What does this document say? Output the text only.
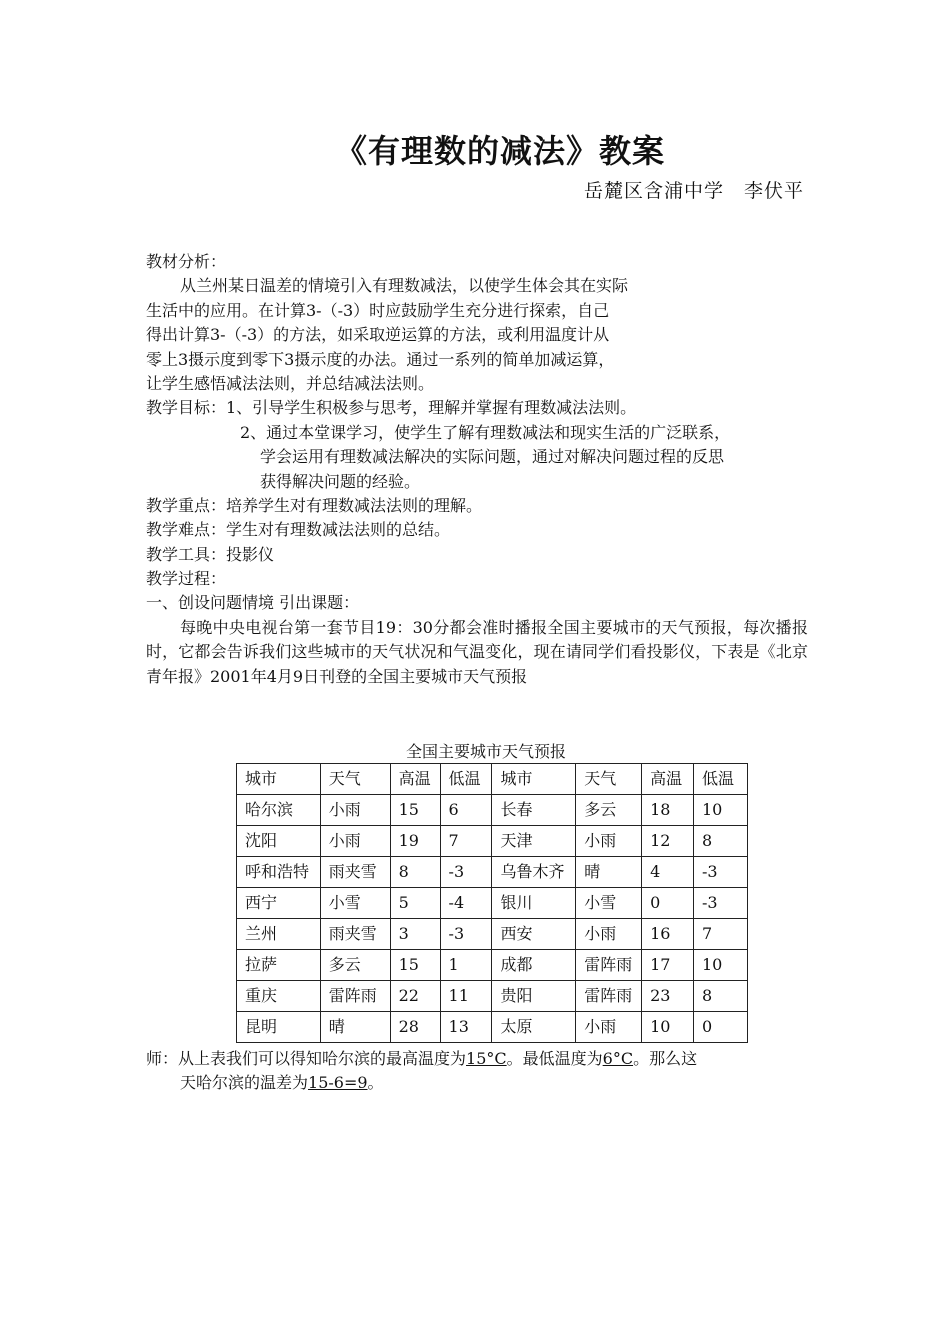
《有理数的减法》教案
岳麓区含浦中学　李伏平
教材分析：
从兰州某日温差的情境引入有理数减法，以使学生体会其在实际
生活中的应用。在计算3-（-3）时应鼓励学生充分进行探索，自己
得出计算3-（-3）的方法，如采取逆运算的方法，或利用温度计从
零上3摄示度到零下3摄示度的办法。通过一系列的简单加减运算，
让学生感悟减法法则，并总结减法法则。
教学目标：1、引导学生积极参与思考，理解并掌握有理数减法法则。
2、通过本堂课学习，使学生了解有理数减法和现实生活的广泛联系，
学会运用有理数减法解决的实际问题，通过对解决问题过程的反思
获得解决问题的经验。
教学重点：培养学生对有理数减法法则的理解。
教学难点：学生对有理数减法法则的总结。
教学工具：投影仪
教学过程：
一、创设问题情境 引出课题：
每晚中央电视台第一套节目19：30分都会准时播报全国主要城市的天气预报，每次播报时，它都会告诉我们这些城市的天气状况和气温变化，现在请同学们看投影仪，下表是《北京青年报》2001年4月9日刊登的全国主要城市天气预报
全国主要城市天气预报
城市	天气	高温	低温	城市	天气	高温	低温
哈尔滨	小雨	15	6	长春	多云	18	10
沈阳	小雨	19	7	天津	小雨	12	8
呼和浩特	雨夹雪	8	-3	乌鲁木齐	晴	4	-3
西宁	小雪	5	-4	银川	小雪	0	-3
兰州	雨夹雪	3	-3	西安	小雨	16	7
拉萨	多云	15	1	成都	雷阵雨	17	10
重庆	雷阵雨	22	11	贵阳	雷阵雨	23	8
昆明	晴	28	13	太原	小雨	10	0
师：从上表我们可以得知哈尔滨的最高温度为15°C。最低温度为6°C。那么这
天哈尔滨的温差为15-6=9。
